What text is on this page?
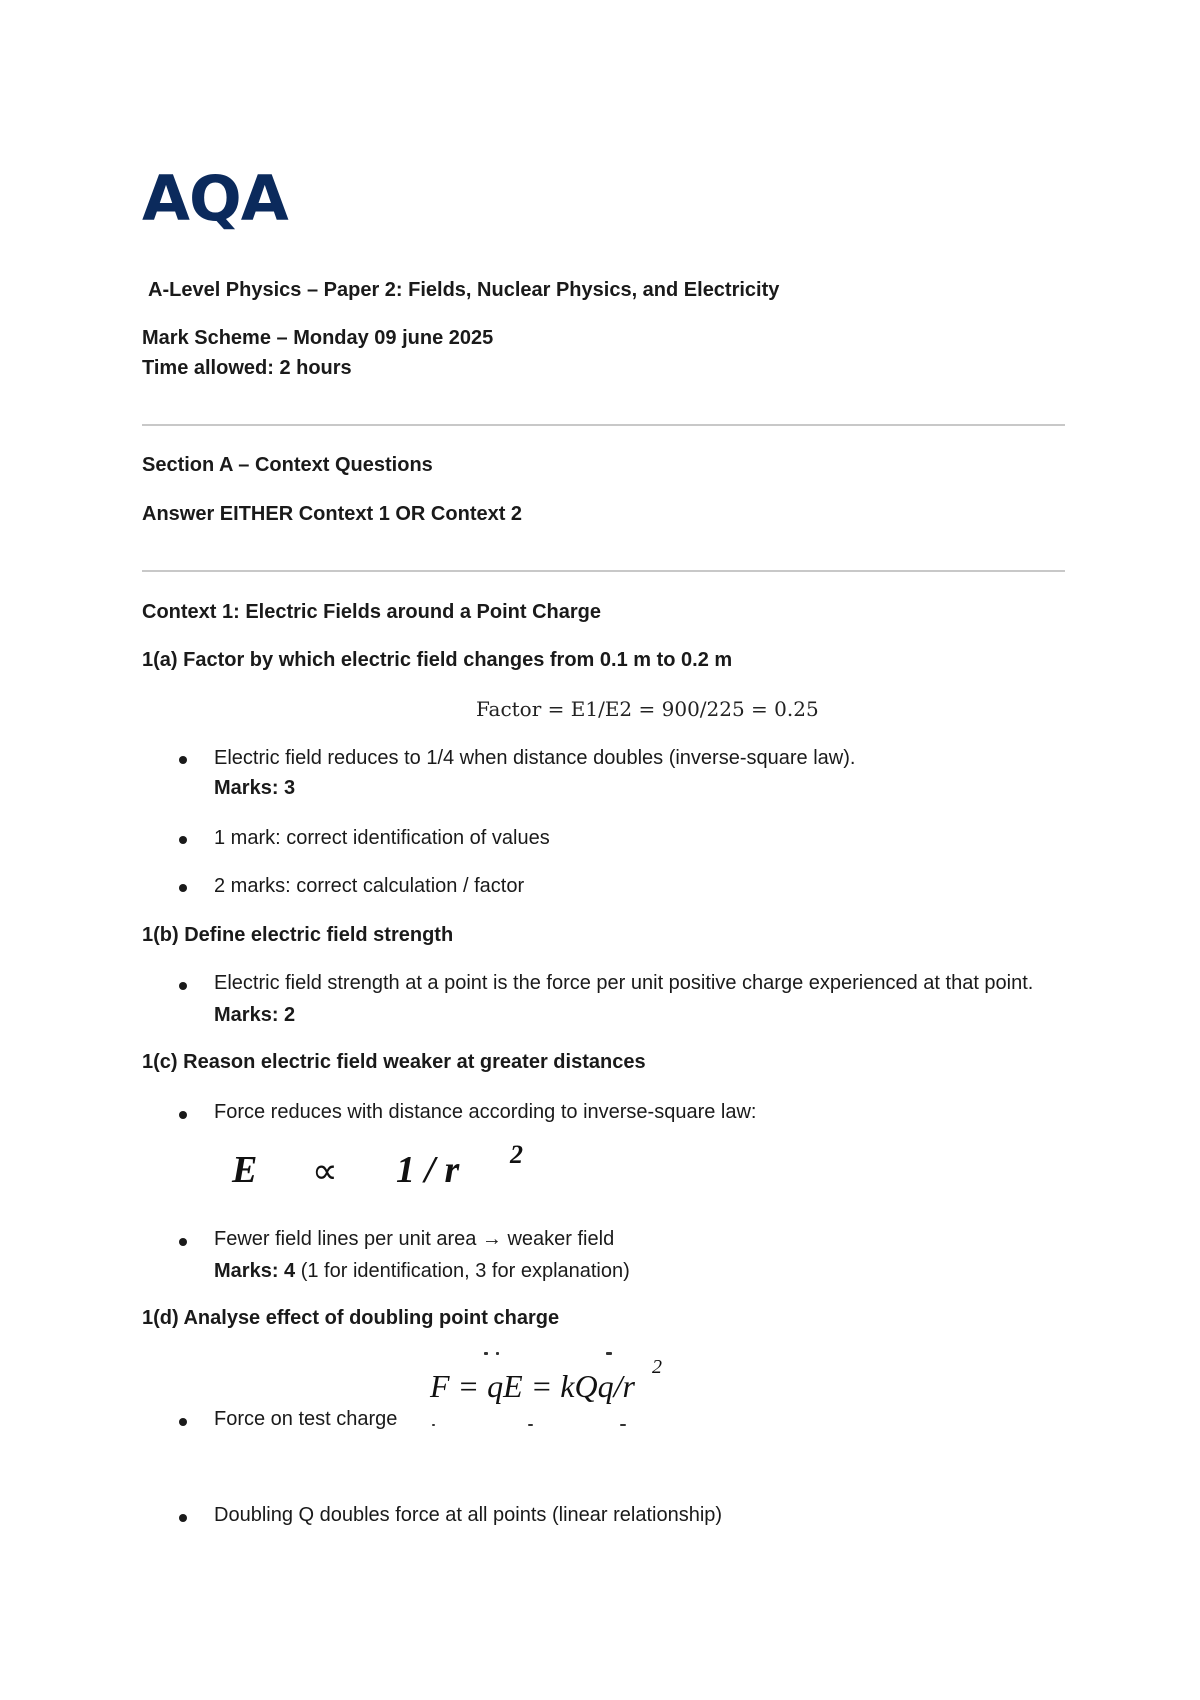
AQA
A-Level Physics – Paper 2: Fields, Nuclear Physics, and Electricity
Mark Scheme – Monday 09 june 2025
Time allowed: 2 hours
Section A – Context Questions
Answer EITHER Context 1 OR Context 2
Context 1: Electric Fields around a Point Charge
1(a) Factor by which electric field changes from 0.1 m to 0.2 m
Factor = E1/E2 = 900/225 = 0.25
Electric field reduces to 1/4 when distance doubles (inverse-square law).
Marks: 3
1 mark: correct identification of values
2 marks: correct calculation / factor
1(b) Define electric field strength
Electric field strength at a point is the force per unit positive charge experienced at that point.
Marks: 2
1(c) Reason electric field weaker at greater distances
Force reduces with distance according to inverse-square law:
E ∝ 1 / r 2
Fewer field lines per unit area → weaker field
Marks: 4 (1 for identification, 3 for explanation)
1(d) Analyse effect of doubling point charge
F = qE = kQq/r
2
Force on test charge
Doubling Q doubles force at all points (linear relationship)
